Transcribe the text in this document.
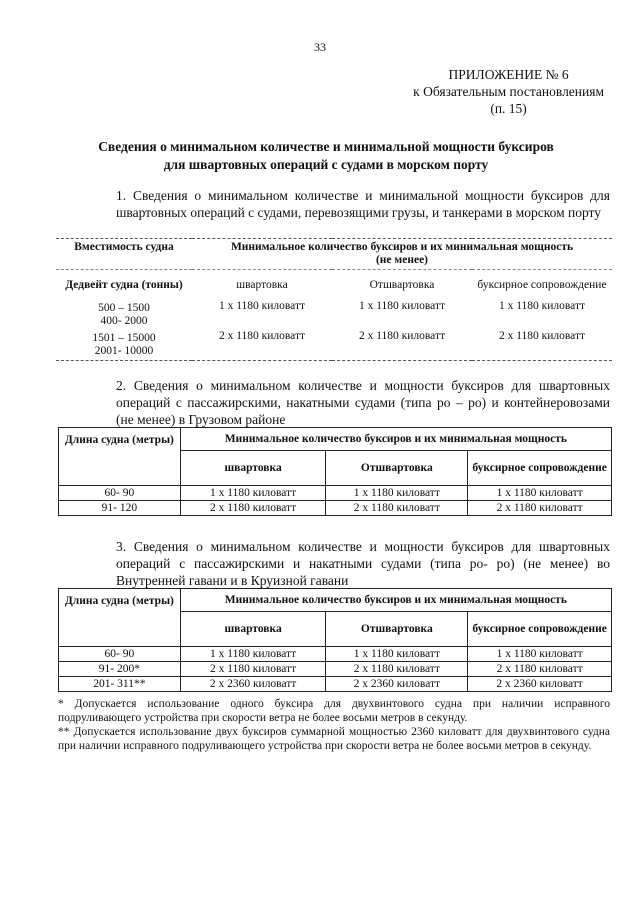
33
ПРИЛОЖЕНИЕ № 6
к Обязательным постановлениям
(п. 15)
Сведения о минимальном количестве и минимальной мощности буксиров
для швартовных операций с судами в морском порту
1. Сведения о минимальном количестве и минимальной мощности буксиров для швартовных операций с судами, перевозящими грузы, и танкерами в морском порту
Вместимость судна	Минимальное количество буксиров и их минимальная мощность
(не менее)		

Дедвейт судна (тонны)	швартовка	Отшвартовка	буксирное сопровождение

500 – 1500
400- 2000	1 х 1180 киловатт	1 х 1180 киловатт	1 х 1180 киловатт

1501 – 15000
2001- 10000	2 х 1180 киловатт	2 х 1180 киловатт	2 х 1180 киловатт
2. Сведения о минимальном количестве и мощности буксиров для швартовных операций с пассажирскими, накатными судами (типа ро – ро) и контейнеровозами (не менее) в Грузовом районе
Длина судна (метры)	Минимальное количество буксиров и их минимальная мощность		
	швартовка	Отшвартовка	буксирное сопровождение
60- 90	1 х 1180 киловатт	1 х 1180 киловатт	1 х 1180 киловатт
91- 120	2 х 1180 киловатт	2 х 1180 киловатт	2 х 1180 киловатт
3. Сведения о минимальном количестве и мощности буксиров для швартовных операций с пассажирскими и накатными судами (типа ро- ро) (не менее) во Внутренней гавани и в Круизной гавани
Длина судна (метры)	Минимальное количество буксиров и их минимальная мощность		
	швартовка	Отшвартовка	буксирное сопровождение
60- 90	1 х 1180 киловатт	1 х 1180 киловатт	1 х 1180 киловатт
91- 200*	2 х 1180 киловатт	2 х 1180 киловатт	2 х 1180 киловатт
201- 311**	2 х 2360 киловатт	2 х 2360 киловатт	2 х 2360 киловатт
* Допускается использование одного буксира для двухвинтового судна при наличии исправного подруливающего устройства при скорости ветра не более восьми метров в секунду.
** Допускается использование двух буксиров суммарной мощностью 2360 киловатт для двухвинтового судна при наличии исправного подруливающего устройства при скорости ветра не более восьми метров в секунду.
